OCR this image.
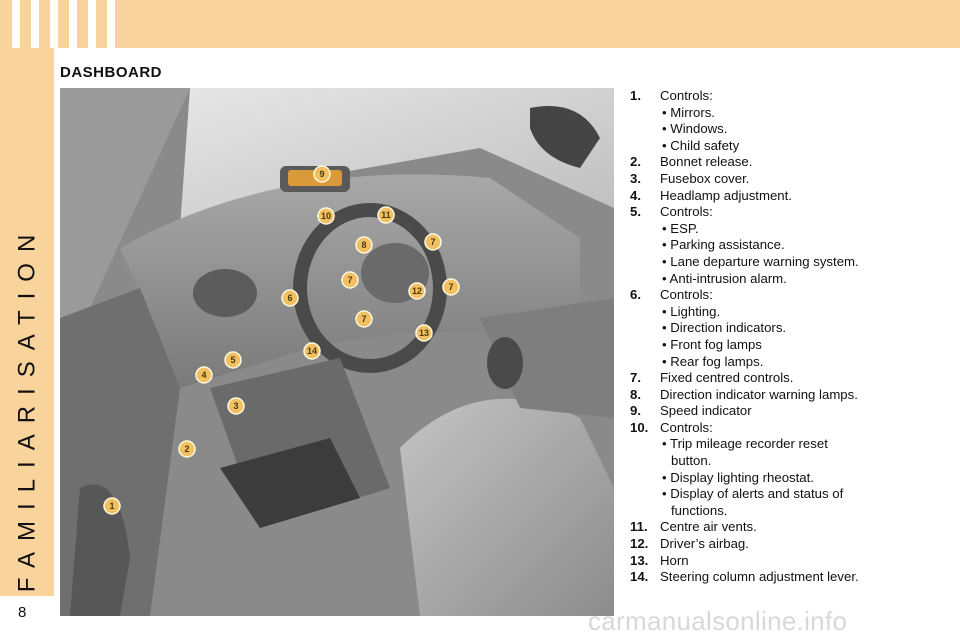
FAMILIARISATION
8
DASHBOARD
9
10	11
7
8
7
12	7
6
7
13
14
5
4
3
2
1
1.	Controls:
• Mirrors.
• Windows.
• Child safety
2.	Bonnet release.
3.	Fusebox cover.
4.	Headlamp adjustment.
5.	Controls:
• ESP.
• Parking assistance.
• Lane departure warning system.
• Anti-intrusion alarm.
6.	Controls:
• Lighting.
• Direction indicators.
• Front fog lamps
• Rear fog lamps.
7.	Fixed centred controls.
8.	Direction indicator warning lamps.
9.	Speed indicator
10. Controls:
• Trip mileage recorder reset
button.
• Display lighting rheostat.
• Display of alerts and status of
functions.
11. Centre air vents.
12. Driver’s airbag.
13. Horn
14. Steering column adjustment lever.
carmanualsonline.info
